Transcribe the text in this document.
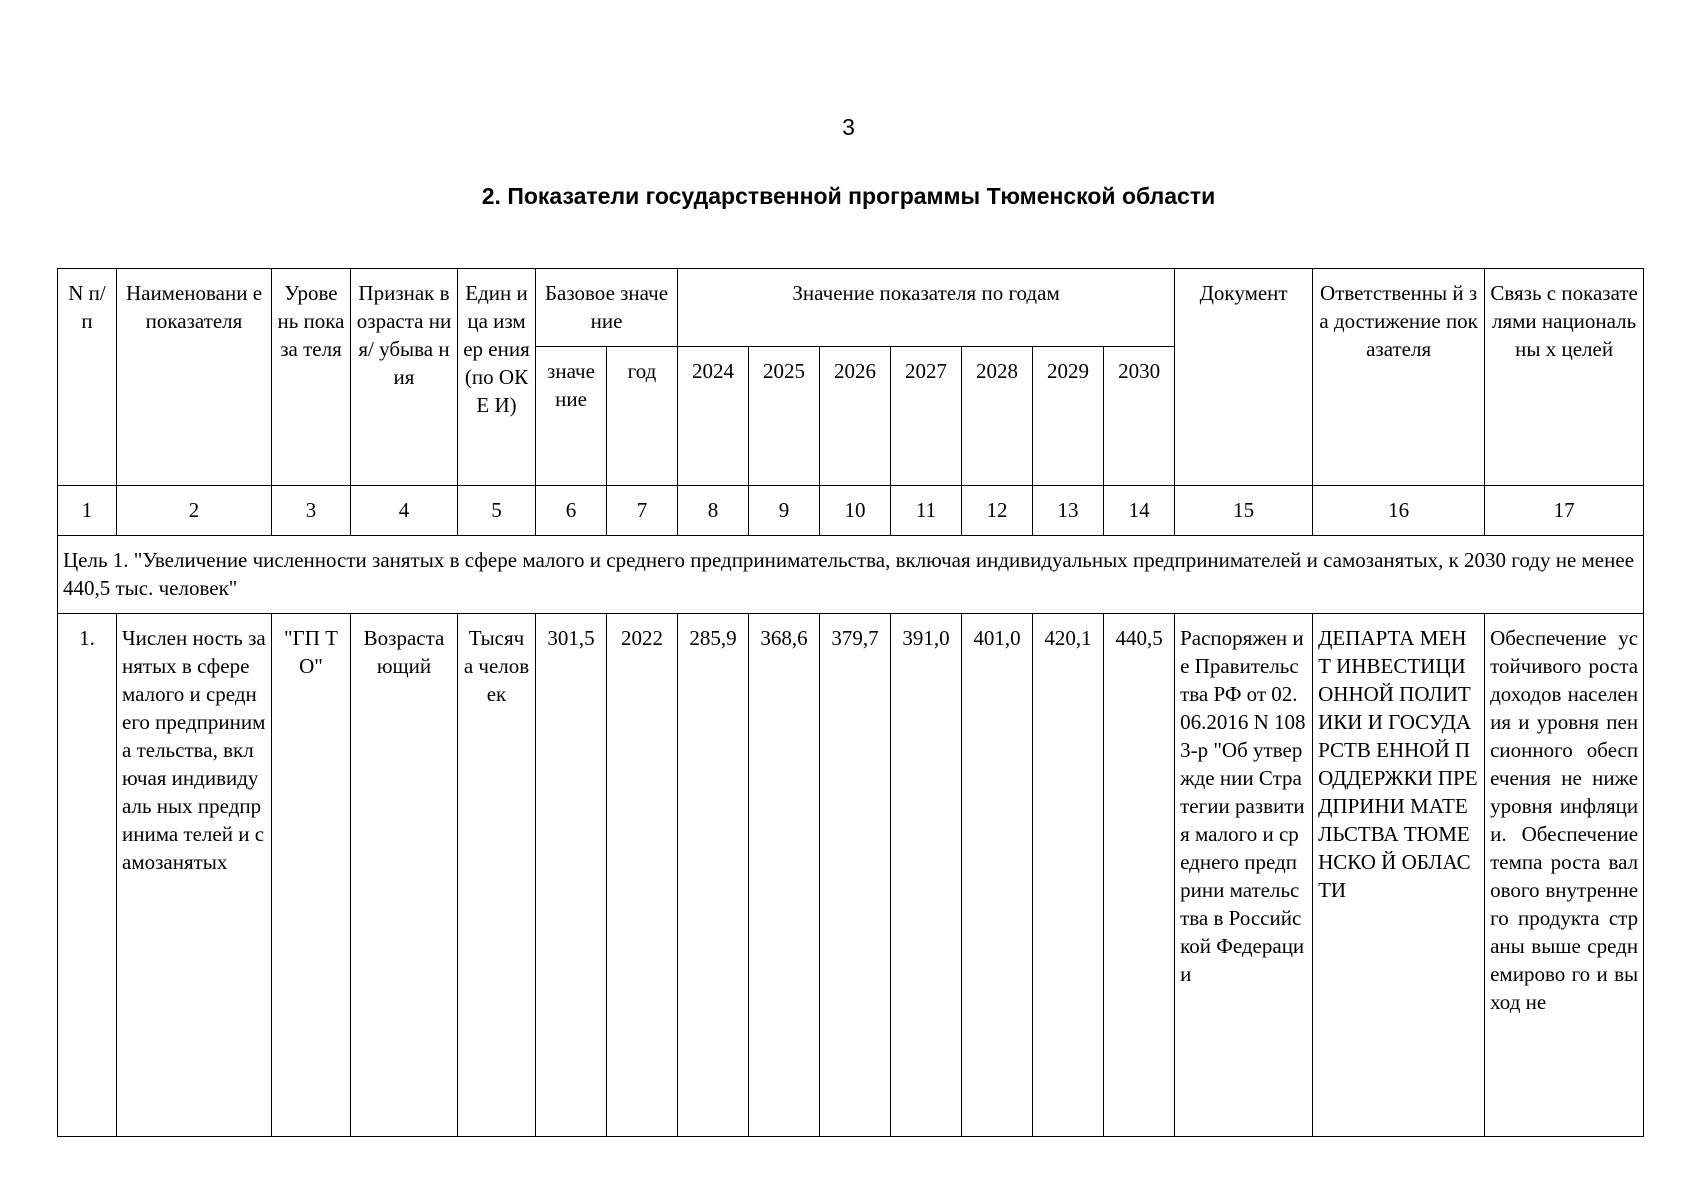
3
2. Показатели государственной программы Тюменской области
N п/п	Наименовани е показателя	Урове нь показа теля	Признак возраста ния/ убыва ния	Един ица измер ения (по ОКЕ И)	Базовое значение		Значение показателя по годам							Документ	Ответственны й за достижение показателя	Связь с показателями национальны х целей
					значе ние	год	2024	2025	2026	2027	2028	2029	2030			
1	2	3	4	5	6	7	8	9	10	11	12	13	14	15	16	17
Цель 1. "Увеличение численности занятых в сфере малого и среднего предпринимательства, включая индивидуальных предпринимателей и самозанятых, к 2030 году не менее 440,5 тыс. человек"																
1.	Числен ность занятых в сфере малого и среднего предпринима тельства, включая индивидуаль ных предпринима телей и самозанятых	"ГП ТО"	Возраста ющий	Тысяч а челов ек	301,5	2022	285,9	368,6	379,7	391,0	401,0	420,1	440,5	Распоряжен ие Правительс тва РФ от 02.06.2016 N 1083-р "Об утвержде нии Стратегии развития малого и среднего предприни мательства в Российской Федерации	ДЕПАРТА МЕНТ ИНВЕСТИЦИ ОННОЙ ПОЛИТИКИ И ГОСУДАРСТВ ЕННОЙ ПОДДЕРЖКИ ПРЕДПРИНИ МАТЕЛЬСТВА ТЮМЕНСКО Й ОБЛАСТИ	Обеспечение устойчивого роста доходов населения и уровня пенсионного обеспечения не ниже уровня инфляции. Обеспечение темпа роста валового внутреннего продукта страны выше среднемирово го и выход не
